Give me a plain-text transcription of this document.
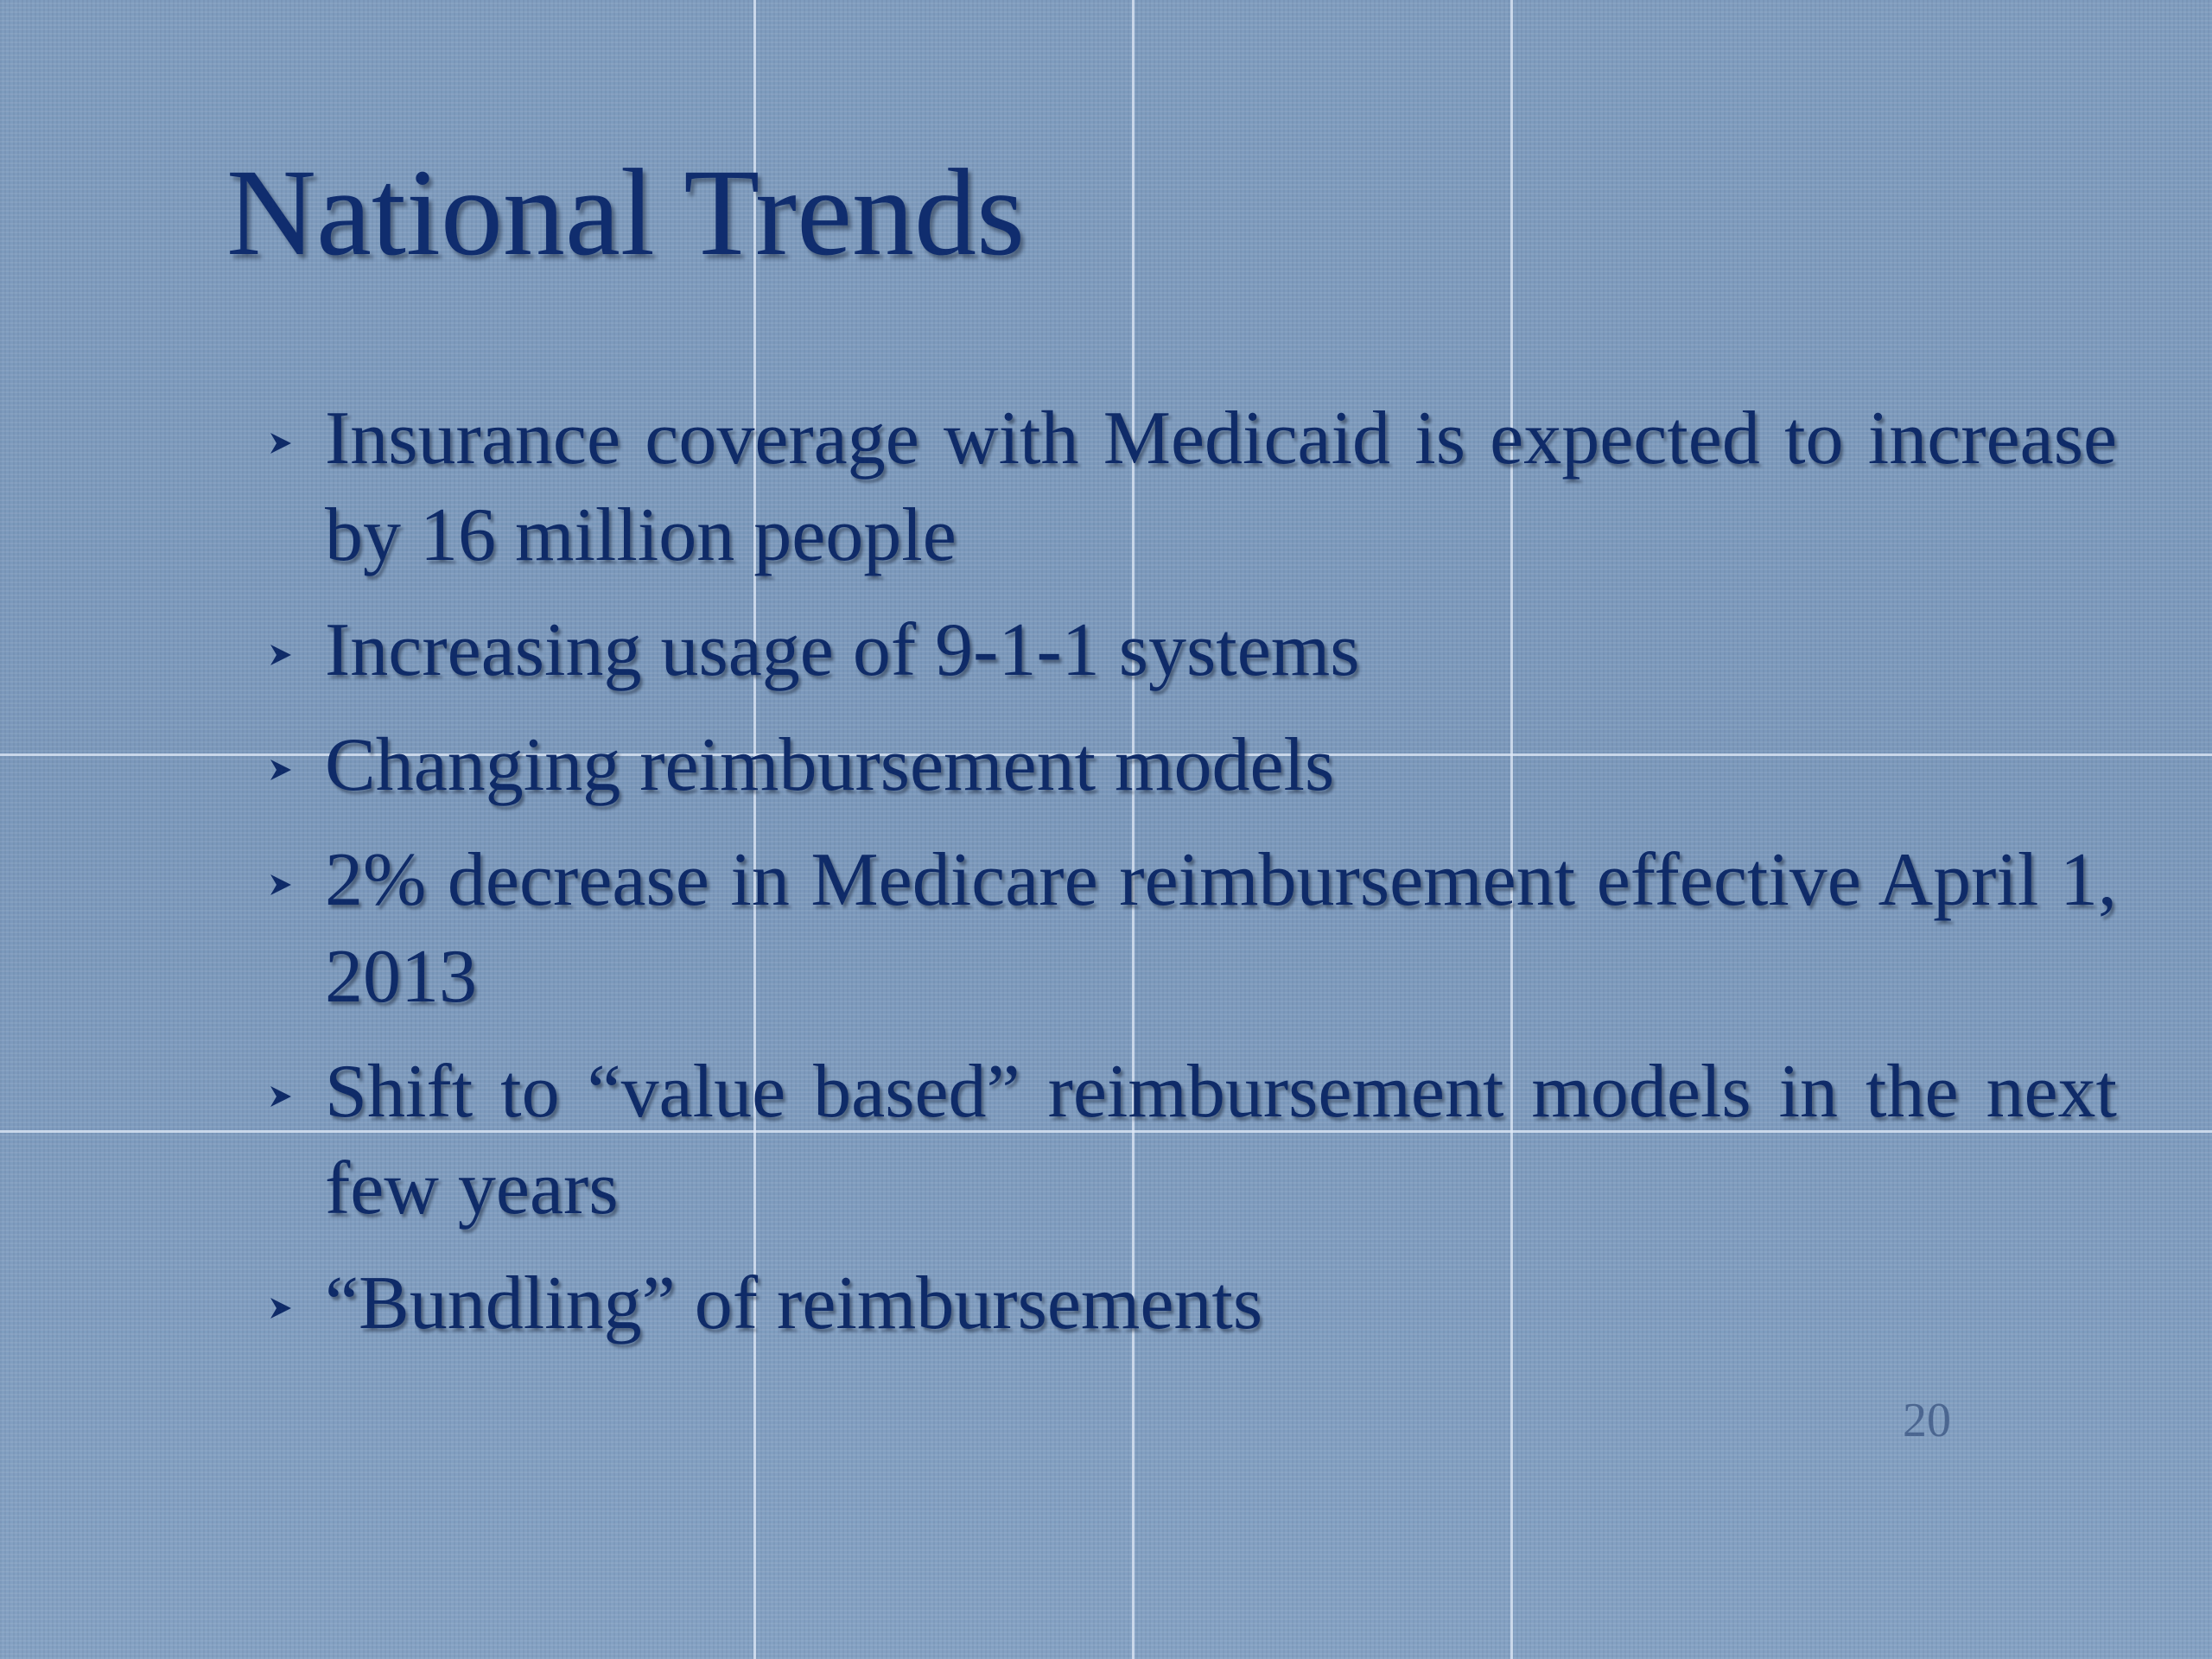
National Trends
Insurance coverage with Medicaid is expected to increase by 16 million people
Increasing usage of 9-1-1 systems
Changing reimbursement models
2% decrease in Medicare reimbursement effective April 1, 2013
Shift to “value based” reimbursement models in the next few years
“Bundling” of reimbursements
20
